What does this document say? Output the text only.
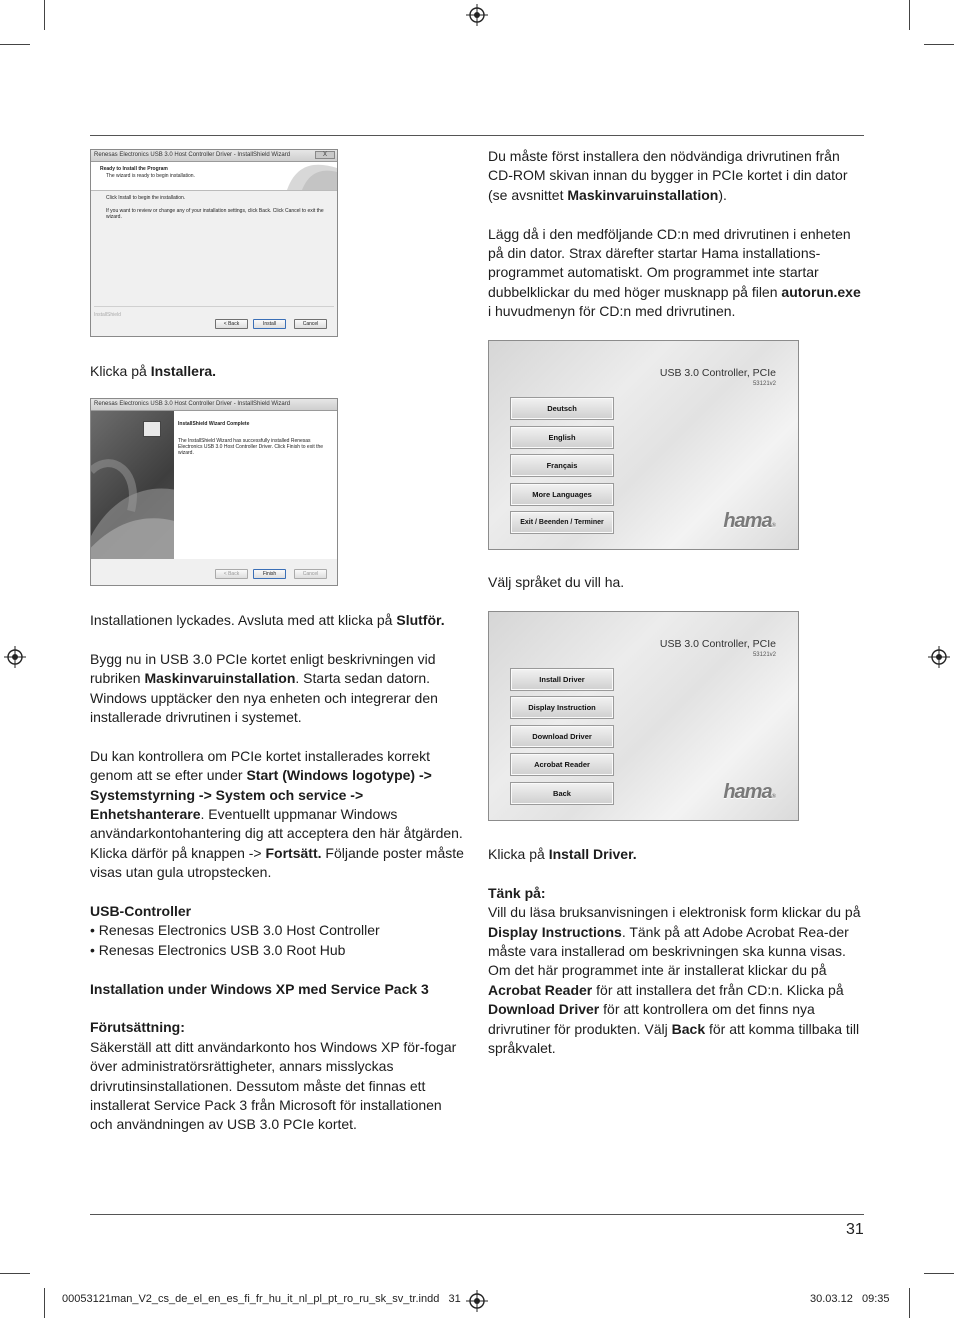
Renesas Electronics USB 3.0 Host Controller Driver - InstallShield Wizard	X
Ready to Install the Program
The wizard is ready to begin installation.
Click Install to begin the installation.
If you want to review or change any of your installation settings, click Back. Click Cancel to exit the wizard.
$^{InstallShield}$
< Back	Install	Cancel
Klicka på Installera.
Renesas Electronics USB 3.0 Host Controller Driver - InstallShield Wizard
InstallShield Wizard Complete
The InstallShield Wizard has successfully installed Renesas Electronics USB 3.0 Host Controller Driver. Click Finish to exit the wizard.
< Back	Finish	Cancel

Installationen lyckades. Avsluta med att klicka på Slutför.

Bygg nu in USB 3.0 PCIe kortet enligt beskrivningen vid rubriken Maskinvaruinstallation. Starta sedan datorn. Windows upptäcker den nya enheten och integrerar den installerade drivrutinen i systemet.

Du kan kontrollera om PCIe kortet installerades korrekt genom att se efter under Start (Windows logotype) -> Systemstyrning -> System och service -> Enhetshanterare. Eventuellt uppmanar Windows användarkontohantering dig att acceptera den här åtgärden. Klicka därför på knappen -> Fortsätt. Följande poster måste visas utan gula utropstecken.

USB-Controller
• Renesas Electronics USB 3.0 Host Controller
• Renesas Electronics USB 3.0 Root Hub

Installation under Windows XP med Service Pack 3

Förutsättning:
Säkerställ att ditt användarkonto hos Windows XP för-fogar över administratörsrättigheter, annars misslyckas drivrutinsinstallationen. Dessutom måste det finnas ett installerat Service Pack 3 från Microsoft för installationen och användningen av USB 3.0 PCIe kortet.

Du måste först installera den nödvändiga drivrutinen från CD-ROM skivan innan du bygger in PCIe kortet i din dator (se avsnittet Maskinvaruinstallation).

Lägg då i den medföljande CD:n med drivrutinen i enheten på din dator. Strax därefter startar Hama installations-programmet automatiskt. Om programmet inte startar dubbelklickar du med höger musknapp på filen autorun.exe i huvudmenyn för CD:n med drivrutinen.

USB 3.0 Controller, PCIe
53121v2
Deutsch
English
Français
More Languages
Exit / Beenden / Terminer	hama®
Välj språket du vill ha.
USB 3.0 Controller, PCIe
53121v2
Install Driver
Display Instruction
Download Driver
Acrobat Reader
Back	hama®

Klicka på Install Driver.

Tänk på:
Vill du läsa bruksanvisningen i elektronisk form klickar du på Display Instructions. Tänk på att Adobe Acrobat Rea-der måste vara installerad om beskrivningen ska kunna visas. Om det här programmet inte är installerat klickar du på Acrobat Reader för att installera det från CD:n. Klicka på Download Driver för att kontrollera om det finns nya drivrutiner för produkten. Välj Back för att komma tillbaka till språkvalet.

31
00053121man_V2_cs_de_el_en_es_fi_fr_hu_it_nl_pl_pt_ro_ru_sk_sv_tr.indd   31	30.03.12   09:35
